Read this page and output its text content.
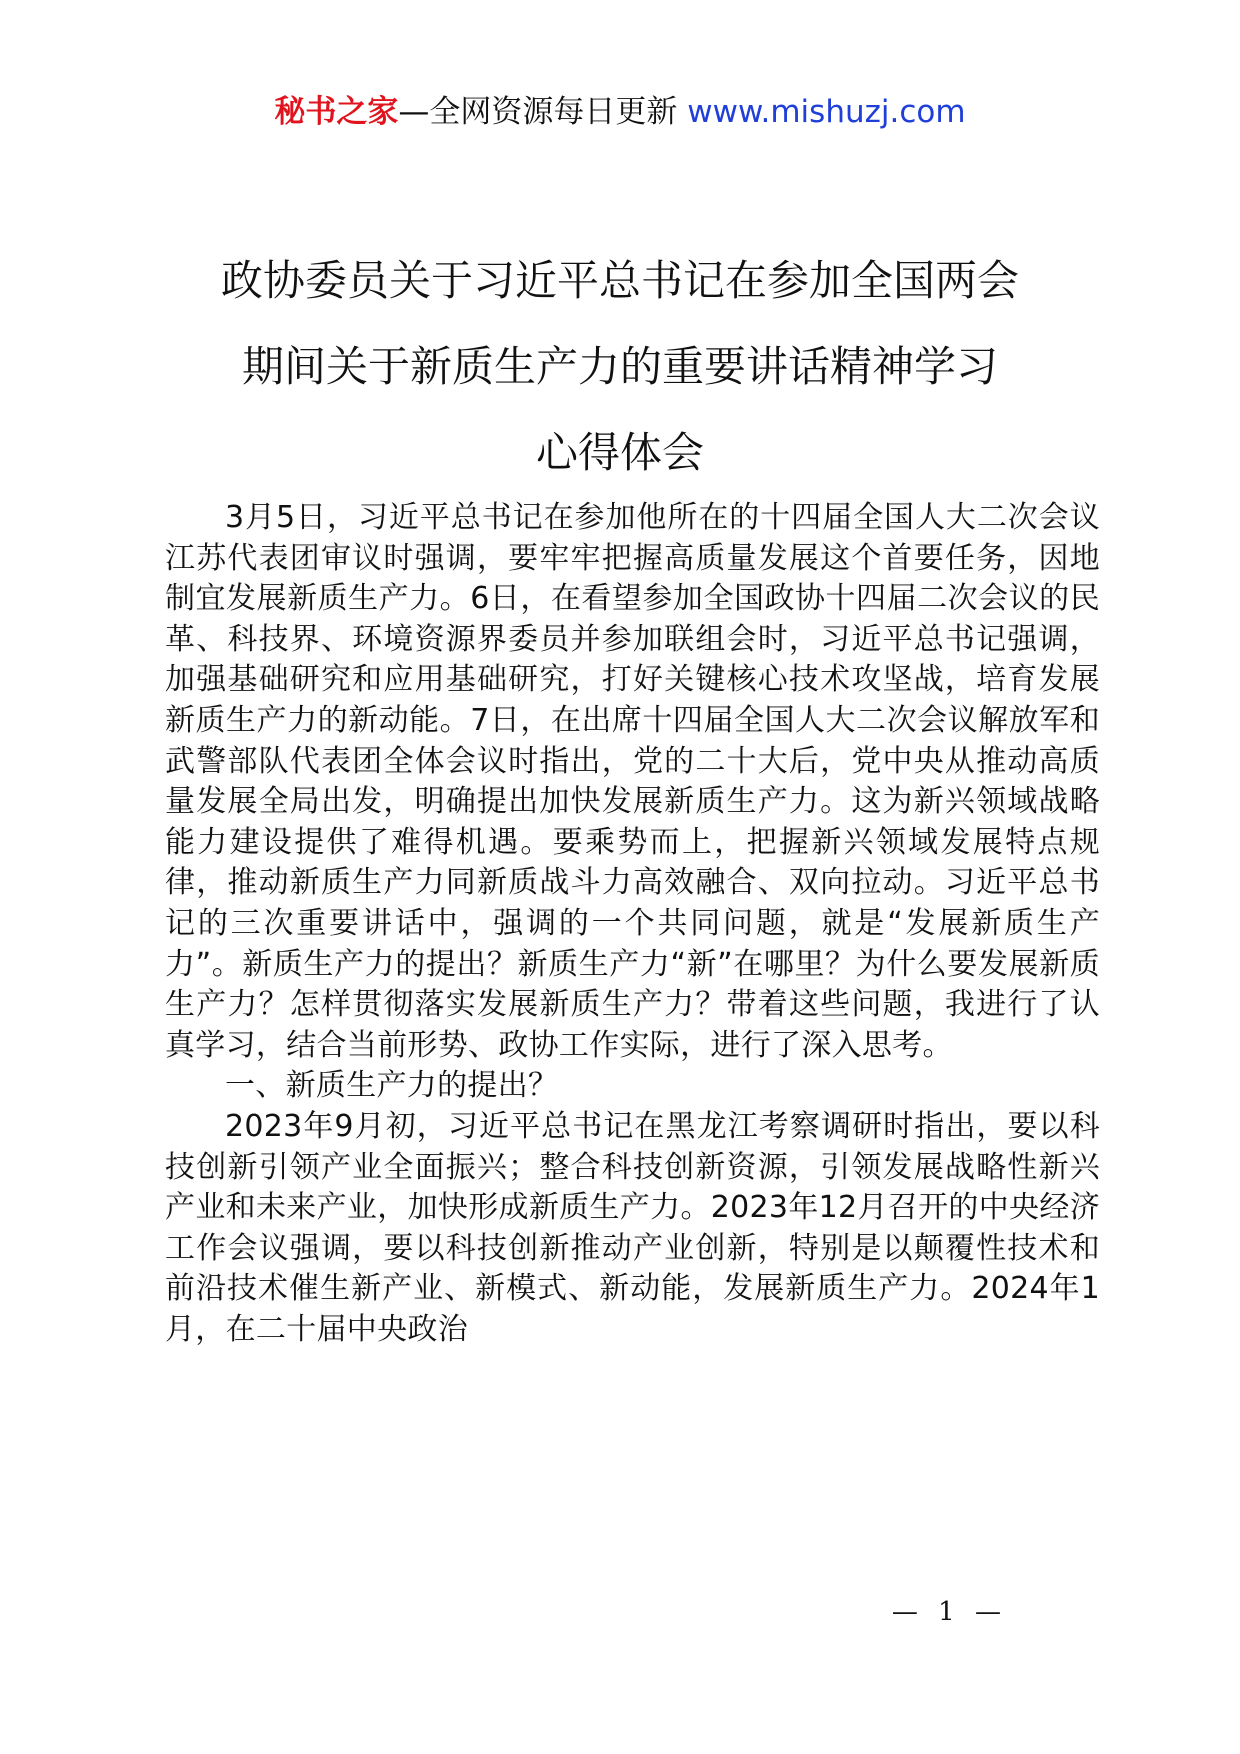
秘书之家—全网资源每日更新 www.mishuzj.com
政协委员关于习近平总书记在参加全国两会
期间关于新质生产力的重要讲话精神学习
心得体会

3月5日，习近平总书记在参加他所在的十四届全国人大二次会议江苏代表团审议时强调，要牢牢把握高质量发展这个首要任务，因地制宜发展新质生产力。6日，在看望参加全国政协十四届二次会议的民革、科技界、环境资源界委员并参加联组会时，习近平总书记强调，加强基础研究和应用基础研究，打好关键核心技术攻坚战，培育发展新质生产力的新动能。7日，在出席十四届全国人大二次会议解放军和武警部队代表团全体会议时指出，党的二十大后，党中央从推动高质量发展全局出发，明确提出加快发展新质生产力。这为新兴领域战略能力建设提供了难得机遇。要乘势而上，把握新兴领域发展特点规律，推动新质生产力同新质战斗力高效融合、双向拉动。习近平总书记的三次重要讲话中，强调的一个共同问题，就是“发展新质生产力”。新质生产力的提出？新质生产力“新”在哪里？为什么要发展新质生产力？怎样贯彻落实发展新质生产力？带着这些问题，我进行了认真学习，结合当前形势、政协工作实际，进行了深入思考。

一、新质生产力的提出？

2023年9月初，习近平总书记在黑龙江考察调研时指出，要以科技创新引领产业全面振兴；整合科技创新资源，引领发展战略性新兴产业和未来产业，加快形成新质生产力。2023年12月召开的中央经济工作会议强调，要以科技创新推动产业创新，特别是以颠覆性技术和前沿技术催生新产业、新模式、新动能，发展新质生产力。2024年1月，在二十届中央政治

— 1 —
